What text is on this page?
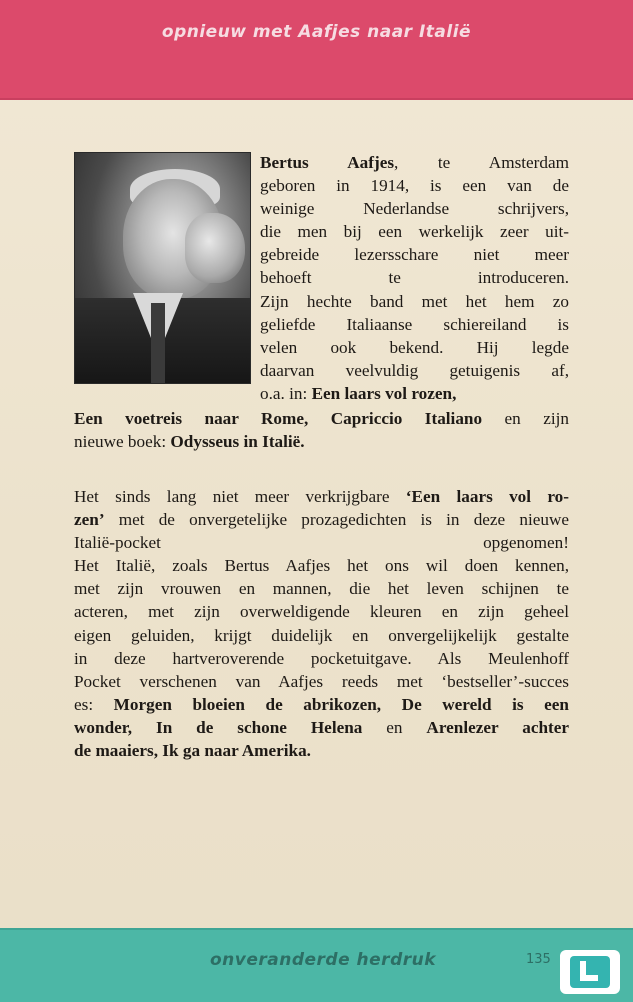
opnieuw met Aafjes naar Italië
Bertus Aafjes, te Amsterdam
geboren in 1914, is een van de
weinige Nederlandse schrijvers,
die men bij een werkelijk zeer uit-
gebreide lezersschare niet meer
behoeft te introduceren.
Zijn hechte band met het hem zo
geliefde Italiaanse schiereiland is
velen ook bekend. Hij legde
daarvan veelvuldig getuigenis af,
o.a. in: Een laars vol rozen,
Een voetreis naar Rome, Capriccio Italiano en zijn
nieuwe boek: Odysseus in Italië.
Het sinds lang niet meer verkrijgbare ‘Een laars vol ro-
zen’ met de onvergetelijke prozagedichten is in deze nieuwe
Italië-pocket opgenomen!
Het Italië, zoals Bertus Aafjes het ons wil doen kennen,
met zijn vrouwen en mannen, die het leven schijnen te
acteren, met zijn overweldigende kleuren en zijn geheel
eigen geluiden, krijgt duidelijk en onvergelijkelijk gestalte
in deze hartveroverende pocketuitgave. Als Meulenhoff
Pocket verschenen van Aafjes reeds met ‘bestseller’-succes
es: Morgen bloeien de abrikozen, De wereld is een
wonder, In de schone Helena en Arenlezer achter
de maaiers, Ik ga naar Amerika.
onveranderde herdruk	135
